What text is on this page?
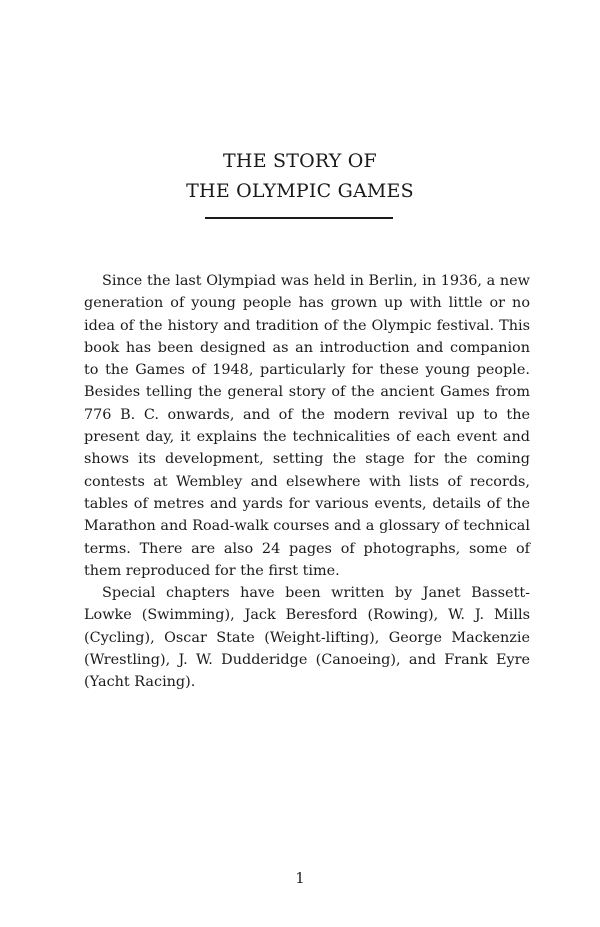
THE STORY OF
THE OLYMPIC GAMES

Since the last Olympiad was held in Berlin, in 1936, a new generation of young people has grown up with little or no idea of the history and tradition of the Olympic festival. This book has been designed as an introduction and companion to the Games of 1948, particularly for these young people. Besides telling the general story of the ancient Games from 776 B. C. onwards, and of the modern revival up to the present day, it explains the technicalities of each event and shows its development, setting the stage for the coming contests at Wembley and elsewhere with lists of records, tables of metres and yards for various events, details of the Marathon and Road-walk courses and a glossary of technical terms. There are also 24 pages of photographs, some of them reproduced for the first time.

Special chapters have been written by Janet Bassett-Lowke (Swimming), Jack Beresford (Rowing), W. J. Mills (Cycling), Oscar State (Weight-lifting), George Mackenzie (Wrestling), J. W. Dudderidge (Canoeing), and Frank Eyre (Yacht Racing).

1
